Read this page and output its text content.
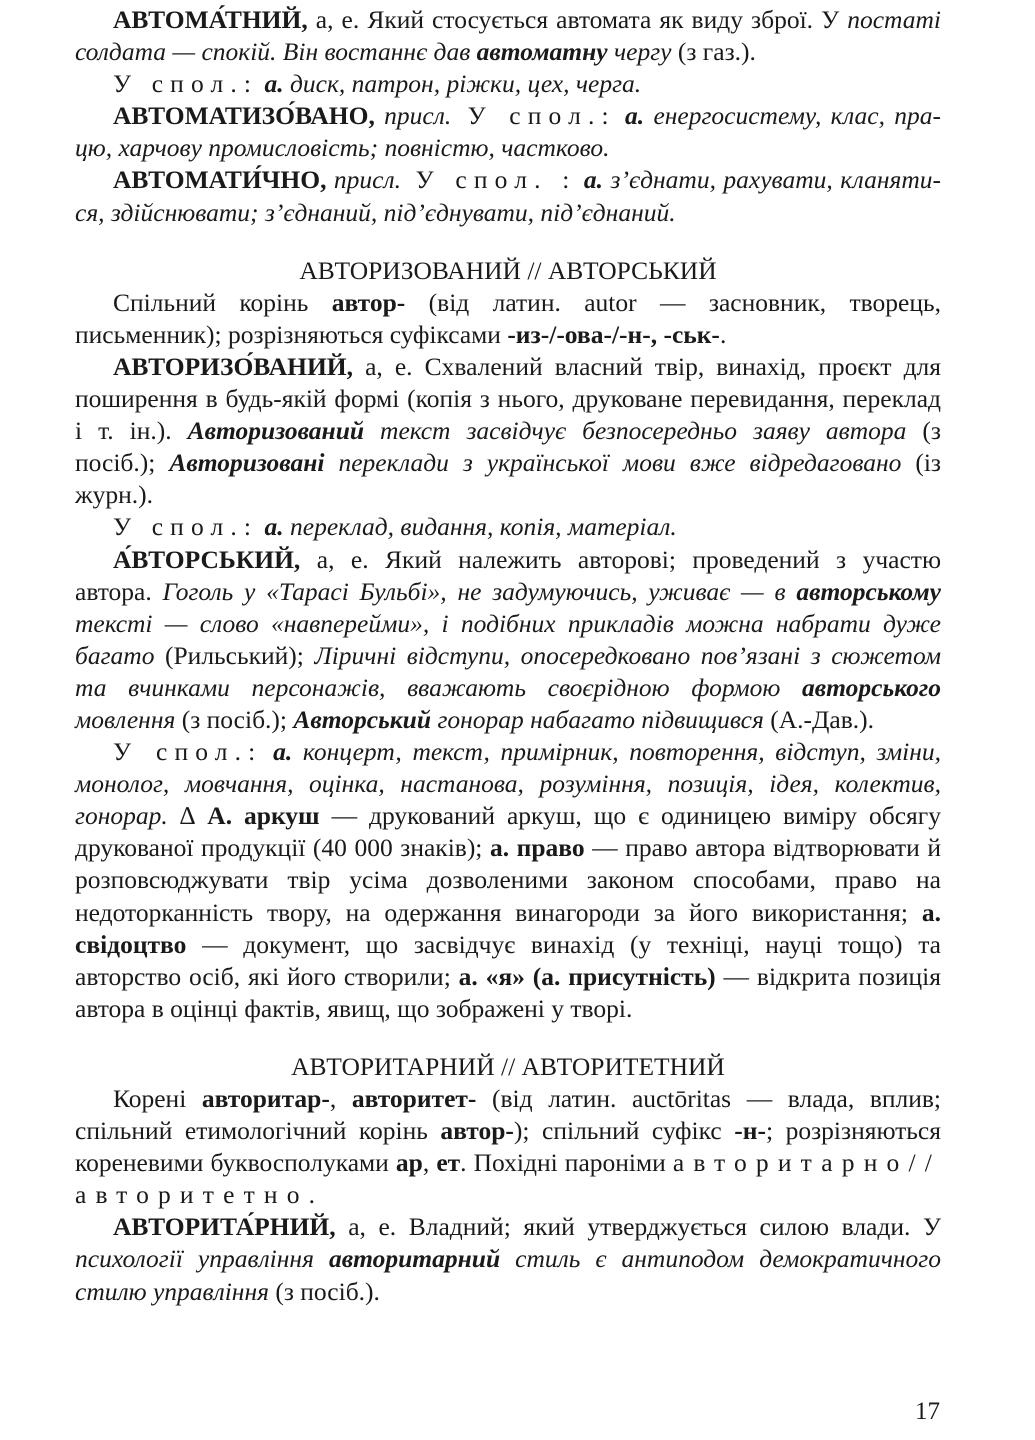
АВТОМА́ТНИЙ, а, е. Який стосується автомата як виду зброї. У постаті солдата — спокій. Він востаннє дав автоматну чергу (з газ.).

У спол.: а. диск, патрон, ріжки, цех, черга.

АВТОМАТИЗО́ВАНО, присл. У спол.: а. енергосистему, клас, працю, харчову промисловість; повністю, частково.

АВТОМАТИ́ЧНО, присл. У спол. : а. з’єднати, рахувати, кланятися, здійснювати; з’єднаний, під’єднувати, під’єднаний.

АВТОРИЗОВАНИЙ // АВТОРСЬКИЙ

Спільний корінь автор- (від латин. autor — засновник, творець, письменник); розрізняються суфіксами -из-/-ова-/-н-, -ськ-.

АВТОРИЗО́ВАНИЙ, а, е. Схвалений власний твір, винахід, проєкт для поширення в будь-якій формі (копія з нього, друковане перевидання, переклад і т. ін.). Авторизований текст засвідчує безпосередньо заяву автора (з посіб.); Авторизовані переклади з української мови вже відредаговано (із журн.).

У спол.: а. переклад, видання, копія, матеріал.

А́ВТОРСЬКИЙ, а, е. Який належить авторові; проведений з участю автора. Гоголь у «Тарасі Бульбі», не задумуючись, уживає — в авторському тексті — слово «навперейми», і подібних прикладів можна набрати дуже багато (Рильський); Ліричні відступи, опосередковано пов’язані з сюжетом та вчинками персонажів, вважають своєрідною формою авторського мовлення (з посіб.); Авторський гонорар набагато підвищився (А.-Дав.).

У спол.: а. концерт, текст, примірник, повторення, відступ, зміни, монолог, мовчання, оцінка, настанова, розуміння, позиція, ідея, колектив, гонорар. ∆ А. аркуш — друкований аркуш, що є одиницею виміру обсягу друкованої продукції (40 000 знаків); а. право — право автора відтворювати й розповсюджувати твір усіма дозволеними законом способами, право на недоторканність твору, на одержання винагороди за його використання; а. свідоцтво — документ, що засвідчує винахід (у техніці, науці тощо) та авторство осіб, які його створили; а. «я» (а. присутність) — відкрита позиція автора в оцінці фактів, явищ, що зображені у творі.

АВТОРИТАРНИЙ // АВТОРИТЕТНИЙ

Корені авторитар-, авторитет- (від латин. auctōritas — влада, вплив; спільний етимологічний корінь автор-); спільний суфікс -н-; розрізняються кореневими буквосполуками ар, ет. Похідні пароніми авторитарно//авторитетно.

АВТОРИТА́РНИЙ, а, е. Владний; який утверджується силою влади. У психології управління авторитарний стиль є антиподом демократичного стилю управління (з посіб.).

17
